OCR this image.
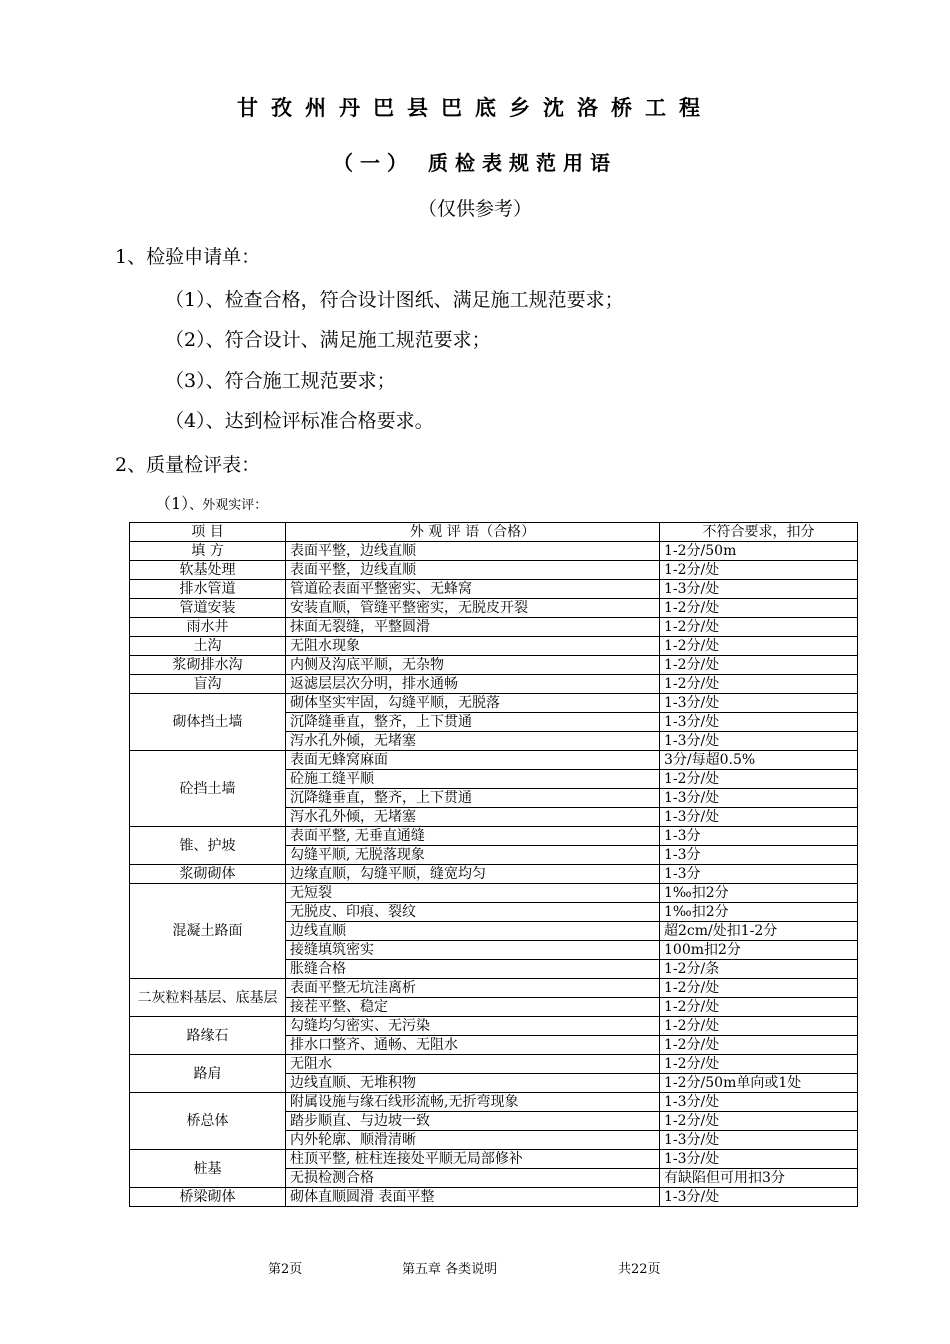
甘孜州丹巴县巴底乡沈洛桥工程
（一） 质检表规范用语
（仅供参考）
1、检验申请单：
（1）、检查合格，符合设计图纸、满足施工规范要求；
（2）、符合设计、满足施工规范要求；
（3）、符合施工规范要求；
（4）、达到检评标准合格要求。
2、质量检评表：
（1）、外观实评：
项 目	外 观 评 语（合格）	不符合要求，扣分
填 方	表面平整，边线直顺	1-2分/50m
软基处理	表面平整，边线直顺	1-2分/处
排水管道	管道砼表面平整密实、无蜂窝	1-3分/处
管道安装	安装直顺，管缝平整密实，无脱皮开裂	1-2分/处
雨水井	抹面无裂缝，平整圆滑	1-2分/处
土沟	无阻水现象	1-2分/处
浆砌排水沟	内侧及沟底平顺，无杂物	1-2分/处
盲沟	返滤层层次分明，排水通畅	1-2分/处
砌体挡土墙	砌体坚实牢固，勾缝平顺，无脱落	1-3分/处
	沉降缝垂直，整齐，上下贯通	1-3分/处
	泻水孔外倾，无堵塞	1-3分/处
砼挡土墙	表面无蜂窝麻面	3分/每超0.5%
	砼施工缝平顺	1-2分/处
	沉降缝垂直，整齐，上下贯通	1-3分/处
	泻水孔外倾，无堵塞	1-3分/处
锥、护坡	表面平整, 无垂直通缝	1-3分
	勾缝平顺, 无脱落现象	1-3分
浆砌砌体	边缘直顺，勾缝平顺，缝宽均匀	1-3分
混凝土路面	无短裂	1‰扣2分
	无脱皮、印痕、裂纹	1‰扣2分
	边线直顺	超2cm/处扣1-2分
	接缝填筑密实	100m扣2分
	胀缝合格	1-2分/条
二灰粒料基层、底基层	表面平整无坑洼离析	1-2分/处
	接茬平整、稳定	1-2分/处
路缘石	勾缝均匀密实、无污染	1-2分/处
	排水口整齐、通畅、无阻水	1-2分/处
路肩	无阻水	1-2分/处
	边线直顺、无堆积物	1-2分/50m单向或1处
桥总体	附属设施与缘石线形流畅,无折弯现象	1-3分/处
	踏步顺直、与边坡一致	1-2分/处
	内外轮廓、顺滑清晰	1-3分/处
桩基	柱顶平整, 桩柱连接处平顺无局部修补	1-3分/处
	无损检测合格	有缺陷但可用扣3分
桥梁砌体	砌体直顺圆滑 表面平整	1-3分/处
第2页	第五章 各类说明	共22页
